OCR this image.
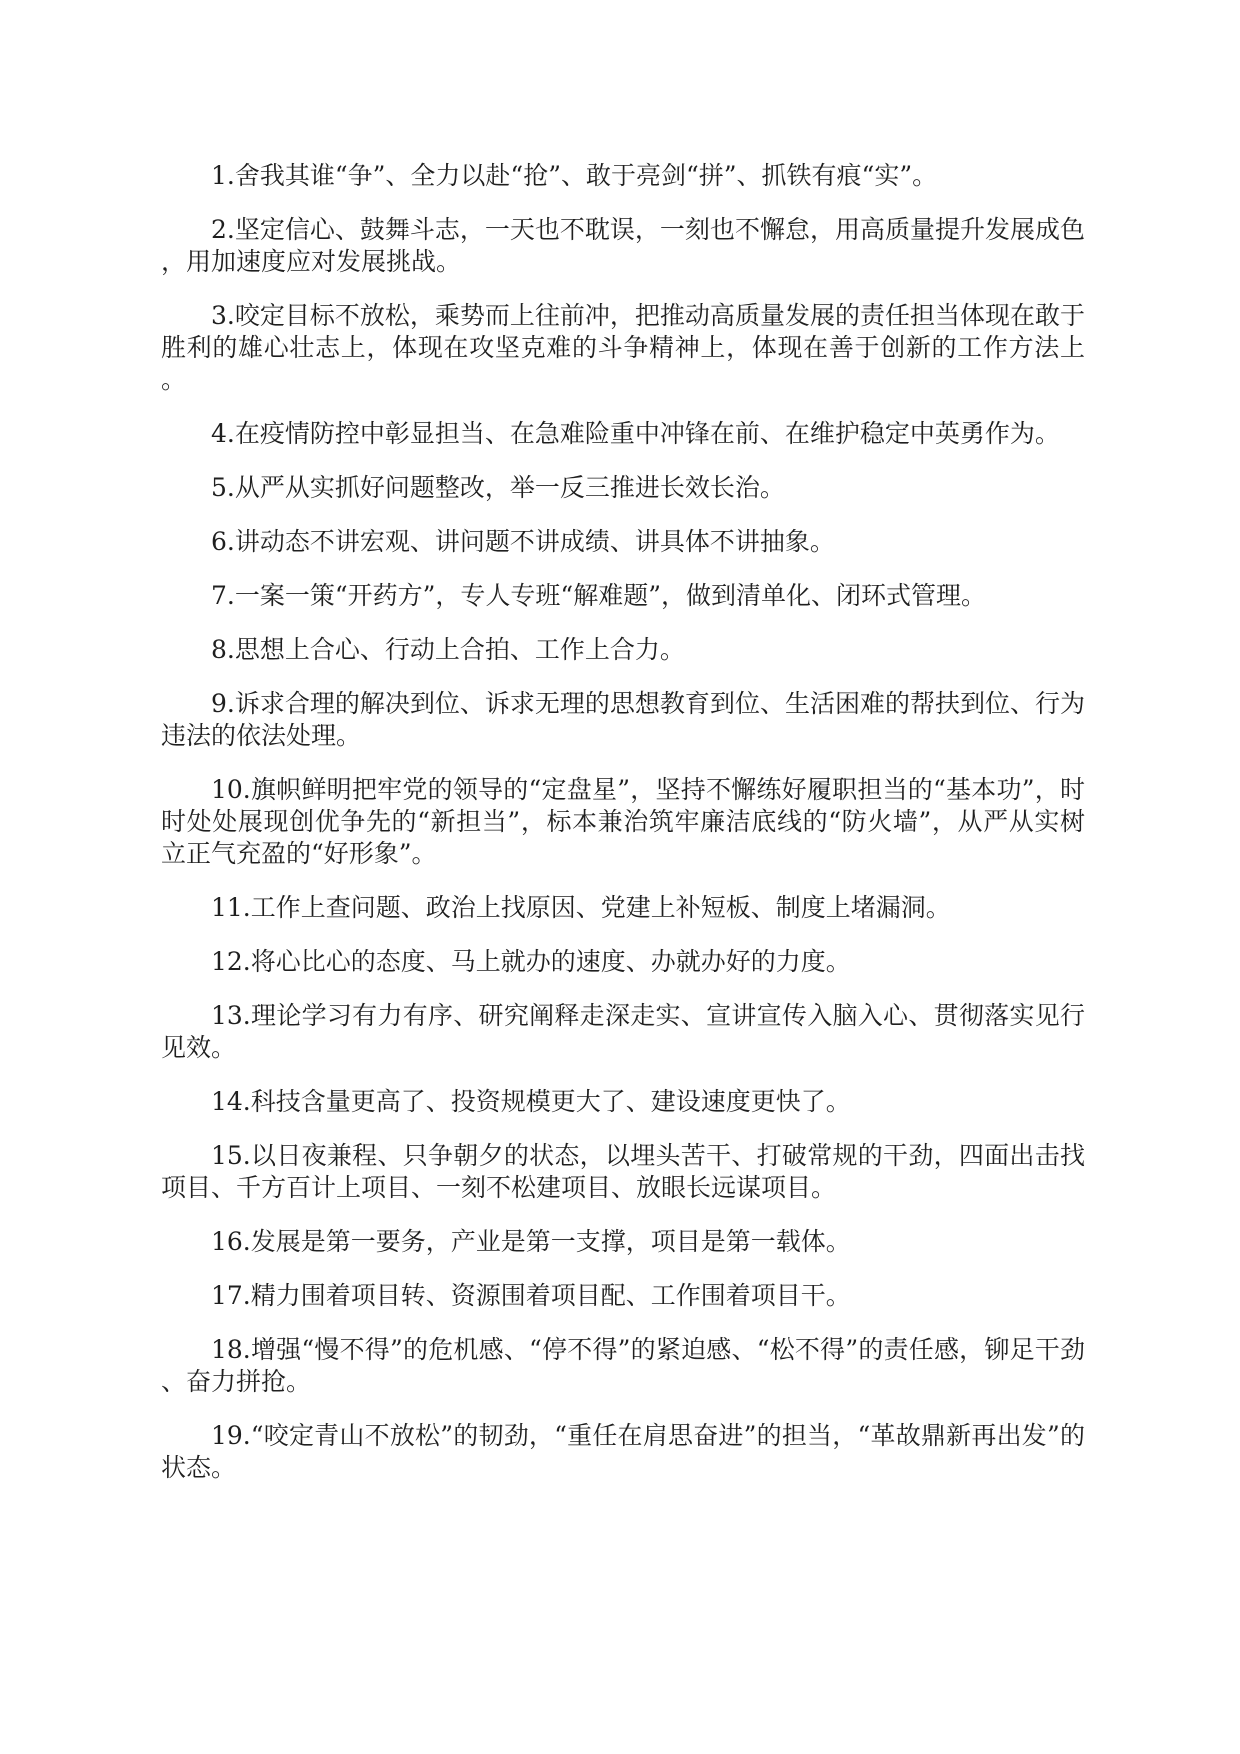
1.舍我其谁“争”、全力以赴“抢”、敢于亮剑“拼”、抓铁有痕“实”。

2.坚定信心、鼓舞斗志，一天也不耽误，一刻也不懈怠，用高质量提升发展成色，用加速度应对发展挑战。

3.咬定目标不放松，乘势而上往前冲，把推动高质量发展的责任担当体现在敢于胜利的雄心壮志上，体现在攻坚克难的斗争精神上，体现在善于创新的工作方法上。

4.在疫情防控中彰显担当、在急难险重中冲锋在前、在维护稳定中英勇作为。

5.从严从实抓好问题整改，举一反三推进长效长治。

6.讲动态不讲宏观、讲问题不讲成绩、讲具体不讲抽象。

7.一案一策“开药方”，专人专班“解难题”，做到清单化、闭环式管理。

8.思想上合心、行动上合拍、工作上合力。

9.诉求合理的解决到位、诉求无理的思想教育到位、生活困难的帮扶到位、行为违法的依法处理。

10.旗帜鲜明把牢党的领导的“定盘星”，坚持不懈练好履职担当的“基本功”，时时处处展现创优争先的“新担当”，标本兼治筑牢廉洁底线的“防火墙”，从严从实树立正气充盈的“好形象”。

11.工作上查问题、政治上找原因、党建上补短板、制度上堵漏洞。

12.将心比心的态度、马上就办的速度、办就办好的力度。

13.理论学习有力有序、研究阐释走深走实、宣讲宣传入脑入心、贯彻落实见行见效。

14.科技含量更高了、投资规模更大了、建设速度更快了。

15.以日夜兼程、只争朝夕的状态，以埋头苦干、打破常规的干劲，四面出击找项目、千方百计上项目、一刻不松建项目、放眼长远谋项目。

16.发展是第一要务，产业是第一支撑，项目是第一载体。

17.精力围着项目转、资源围着项目配、工作围着项目干。

18.增强“慢不得”的危机感、“停不得”的紧迫感、“松不得”的责任感，铆足干劲、奋力拼抢。

19.“咬定青山不放松”的韧劲，“重任在肩思奋进”的担当，“革故鼎新再出发”的状态。
